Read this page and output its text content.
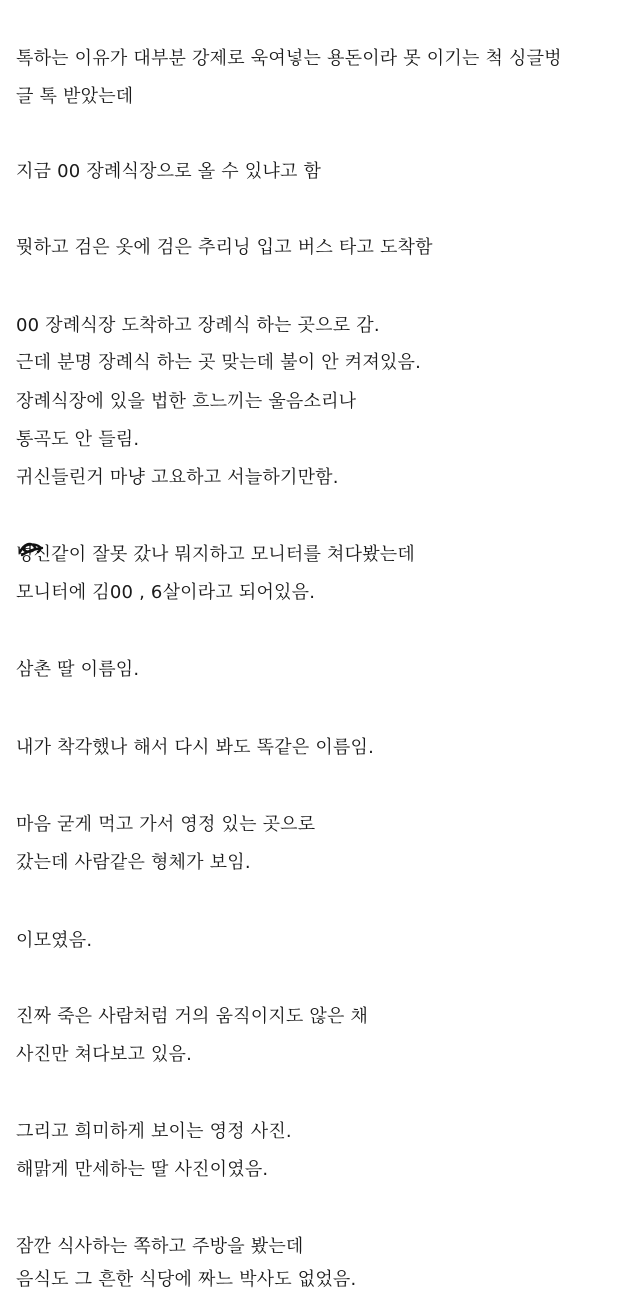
톡하는 이유가 대부분 강제로 욱여넣는 용돈이라 못 이기는 척 싱글벙
글 톡 받았는데
지금 00 장례식장으로 올 수 있냐고 함
뭣하고 검은 옷에 검은 추리닝 입고 버스 타고 도착함
00 장례식장 도착하고 장례식 하는 곳으로 감.
근데 분명 장례식 하는 곳 맞는데 불이 안 켜져있음.
장례식장에 있을 법한 흐느끼는 울음소리나
통곡도 안 들림.
귀신들린거 마냥 고요하고 서늘하기만함.
병신같이 잘못 갔나 뭐지하고 모니터를 쳐다봤는데
모니터에 김00 , 6살이라고 되어있음.
삼촌 딸 이름임.
내가 착각했나 해서 다시 봐도 똑같은 이름임.
마음 굳게 먹고 가서 영정 있는 곳으로
갔는데 사람같은 형체가 보임.
이모였음.
진짜 죽은 사람처럼 거의 움직이지도 않은 채
사진만 쳐다보고 있음.
그리고 희미하게 보이는 영정 사진.
해맑게 만세하는 딸 사진이였음.
잠깐 식사하는 쪽하고 주방을 봤는데
음식도 그 흔한 식당에 짜느 박사도 없었음.
